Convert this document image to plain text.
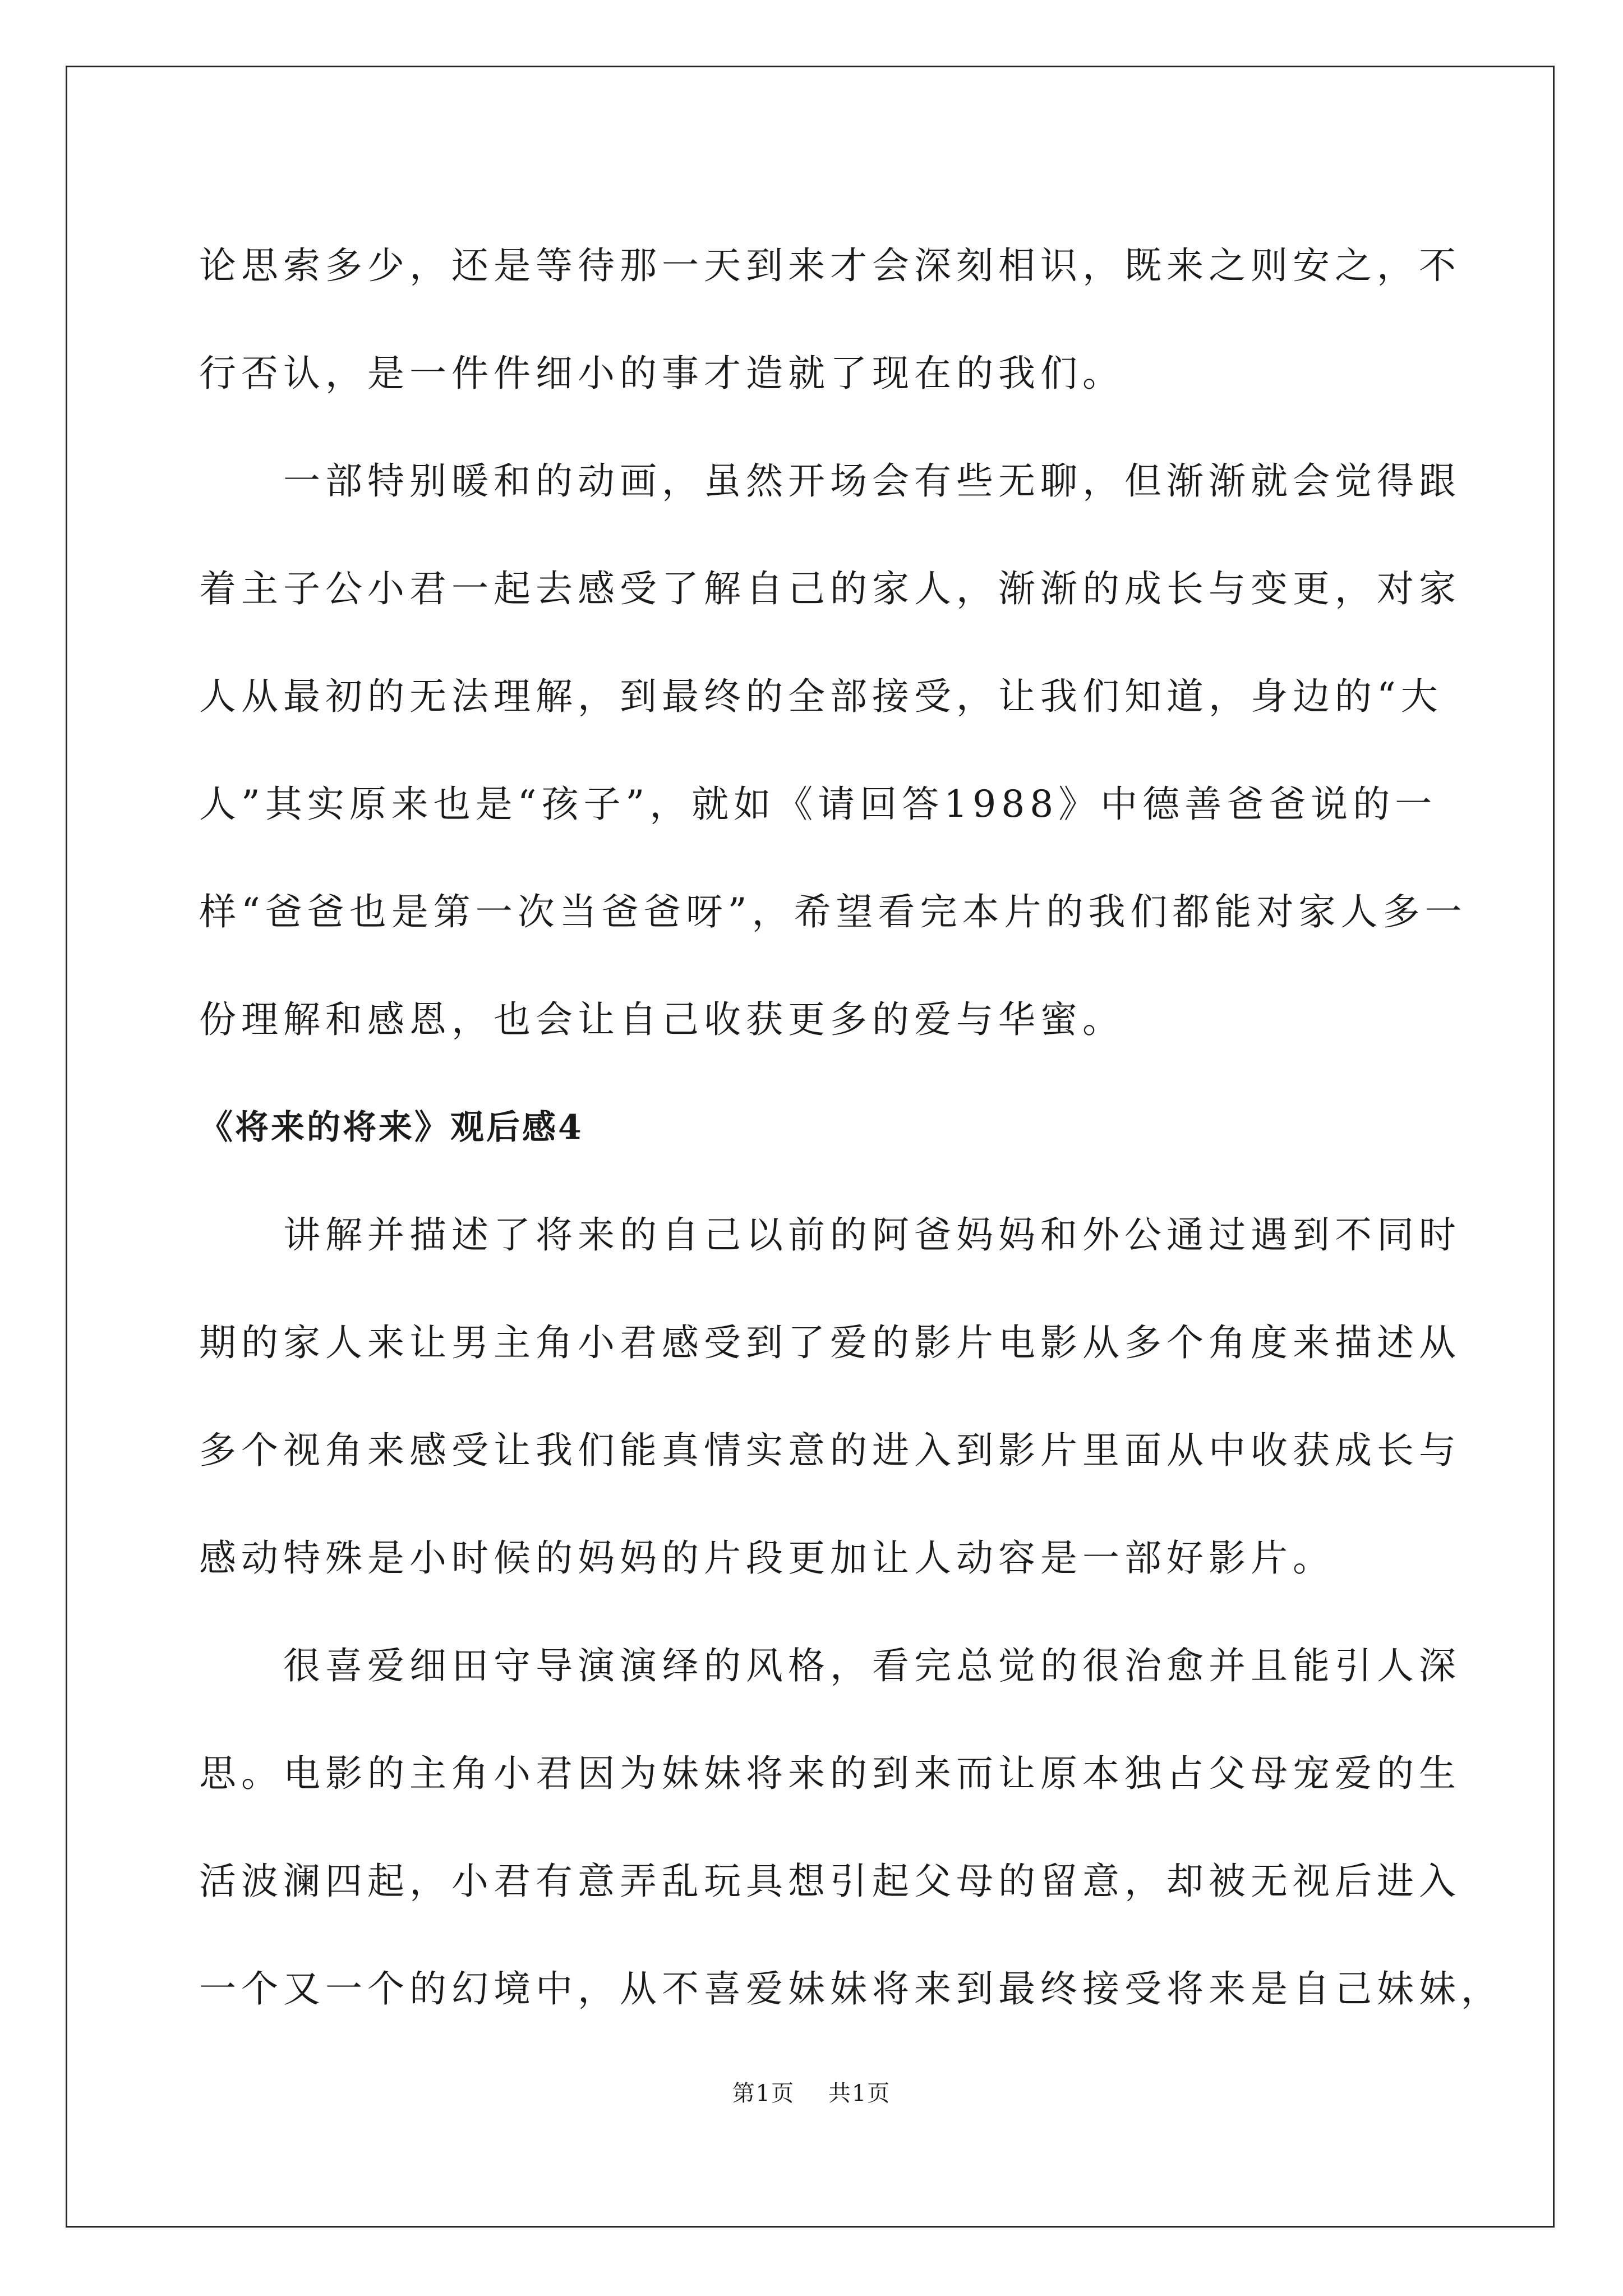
论思索多少，还是等待那一天到来才会深刻相识，既来之则安之，不

行否认，是一件件细小的事才造就了现在的我们。

一部特别暖和的动画，虽然开场会有些无聊，但渐渐就会觉得跟

着主子公小君一起去感受了解自己的家人，渐渐的成长与变更，对家

人从最初的无法理解，到最终的全部接受，让我们知道，身边的“大

人”其实原来也是“孩子”，就如《请回答1988》中德善爸爸说的一

样“爸爸也是第一次当爸爸呀”，希望看完本片的我们都能对家人多一

份理解和感恩，也会让自己收获更多的爱与华蜜。

《将来的将来》观后感4

讲解并描述了将来的自己以前的阿爸妈妈和外公通过遇到不同时

期的家人来让男主角小君感受到了爱的影片电影从多个角度来描述从

多个视角来感受让我们能真情实意的进入到影片里面从中收获成长与

感动特殊是小时候的妈妈的片段更加让人动容是一部好影片。

很喜爱细田守导演演绎的风格，看完总觉的很治愈并且能引人深

思。电影的主角小君因为妹妹将来的到来而让原本独占父母宠爱的生

活波澜四起，小君有意弄乱玩具想引起父母的留意，却被无视后进入

一个又一个的幻境中，从不喜爱妹妹将来到最终接受将来是自己妹妹，

第1页 共1页
